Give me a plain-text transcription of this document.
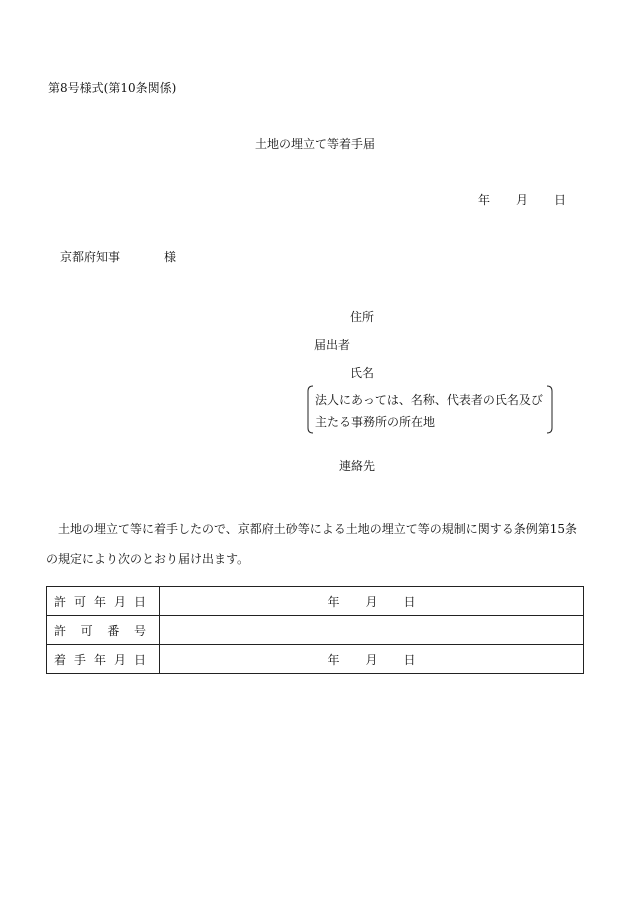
第8号様式(第10条関係)
土地の埋立て等着手届
年 月 日
京都府知事	様
住所
届出者
氏名
法人にあっては、名称、代表者の氏名及び主たる事務所の所在地
連絡先
土地の埋立て等に着手したので、京都府土砂等による土地の埋立て等の規制に関する条例第15条の規定により次のとおり届け出ます。
許 可 年 月 日	年 月 日

許 可 番 号	

着 手 年 月 日	年 月 日
